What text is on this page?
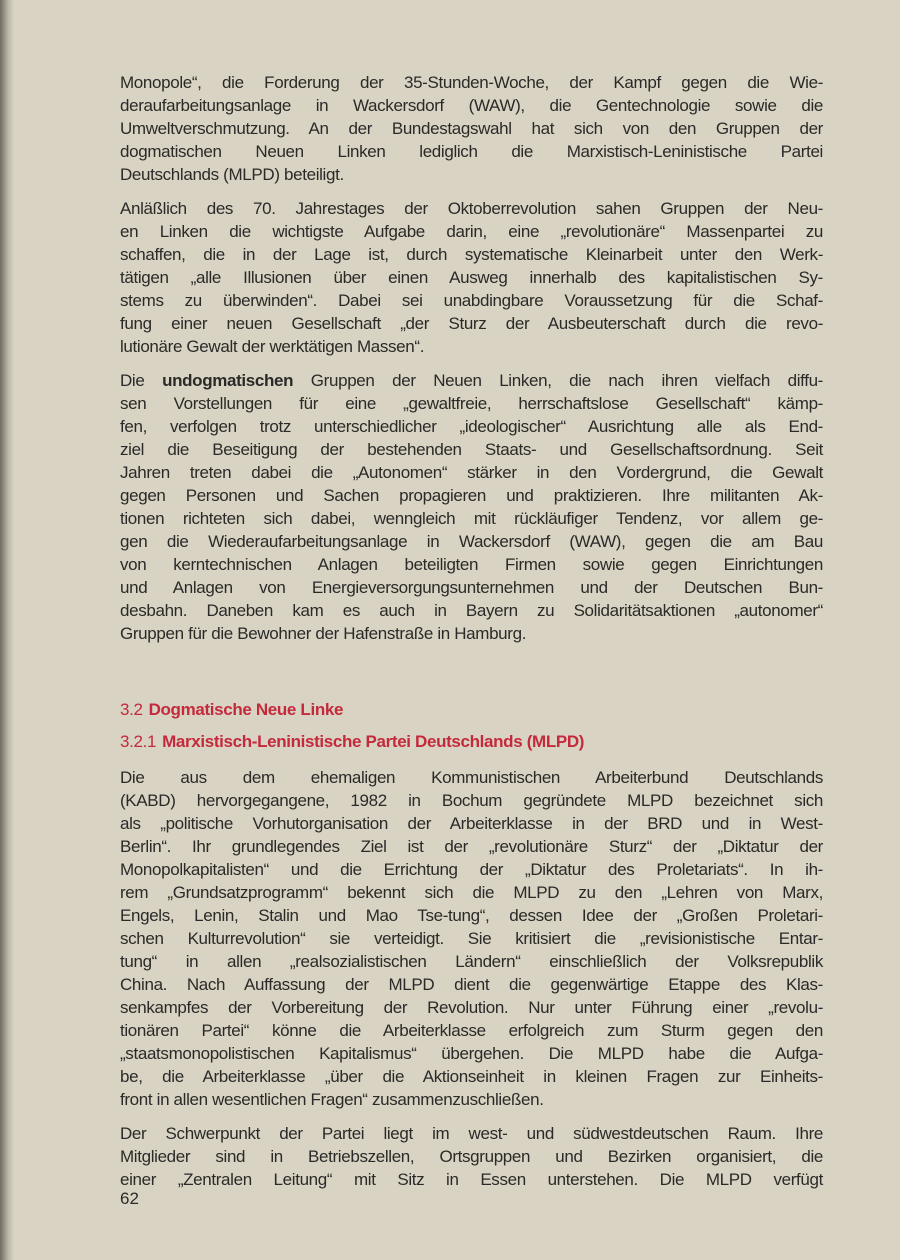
Monopole“, die Forderung der 35-Stunden-Woche, der Kampf gegen die Wie-
deraufarbeitungsanlage in Wackersdorf (WAW), die Gentechnologie sowie die
Umweltverschmutzung. An der Bundestagswahl hat sich von den Gruppen der
dogmatischen Neuen Linken lediglich die Marxistisch-Leninistische Partei
Deutschlands (MLPD) beteiligt.
Anläßlich des 70. Jahrestages der Oktoberrevolution sahen Gruppen der Neu-
en Linken die wichtigste Aufgabe darin, eine „revolutionäre“ Massenpartei zu
schaffen, die in der Lage ist, durch systematische Kleinarbeit unter den Werk-
tätigen „alle Illusionen über einen Ausweg innerhalb des kapitalistischen Sy-
stems zu überwinden“. Dabei sei unabdingbare Voraussetzung für die Schaf-
fung einer neuen Gesellschaft „der Sturz der Ausbeuterschaft durch die revo-
lutionäre Gewalt der werktätigen Massen“.
Die undogmatischen Gruppen der Neuen Linken, die nach ihren vielfach diffu-
sen Vorstellungen für eine „gewaltfreie, herrschaftslose Gesellschaft“ kämp-
fen, verfolgen trotz unterschiedlicher „ideologischer“ Ausrichtung alle als End-
ziel die Beseitigung der bestehenden Staats- und Gesellschaftsordnung. Seit
Jahren treten dabei die „Autonomen“ stärker in den Vordergrund, die Gewalt
gegen Personen und Sachen propagieren und praktizieren. Ihre militanten Ak-
tionen richteten sich dabei, wenngleich mit rückläufiger Tendenz, vor allem ge-
gen die Wiederaufarbeitungsanlage in Wackersdorf (WAW), gegen die am Bau
von kerntechnischen Anlagen beteiligten Firmen sowie gegen Einrichtungen
und Anlagen von Energieversorgungsunternehmen und der Deutschen Bun-
desbahn. Daneben kam es auch in Bayern zu Solidaritätsaktionen „autonomer“
Gruppen für die Bewohner der Hafenstraße in Hamburg.
3.2 Dogmatische Neue Linke
3.2.1 Marxistisch-Leninistische Partei Deutschlands (MLPD)
Die aus dem ehemaligen Kommunistischen Arbeiterbund Deutschlands
(KABD) hervorgegangene, 1982 in Bochum gegründete MLPD bezeichnet sich
als „politische Vorhutorganisation der Arbeiterklasse in der BRD und in West-
Berlin“. Ihr grundlegendes Ziel ist der „revolutionäre Sturz“ der „Diktatur der
Monopolkapitalisten“ und die Errichtung der „Diktatur des Proletariats“. In ih-
rem „Grundsatzprogramm“ bekennt sich die MLPD zu den „Lehren von Marx,
Engels, Lenin, Stalin und Mao Tse-tung“, dessen Idee der „Großen Proletari-
schen Kulturrevolution“ sie verteidigt. Sie kritisiert die „revisionistische Entar-
tung“ in allen „realsozialistischen Ländern“ einschließlich der Volksrepublik
China. Nach Auffassung der MLPD dient die gegenwärtige Etappe des Klas-
senkampfes der Vorbereitung der Revolution. Nur unter Führung einer „revolu-
tionären Partei“ könne die Arbeiterklasse erfolgreich zum Sturm gegen den
„staatsmonopolistischen Kapitalismus“ übergehen. Die MLPD habe die Aufga-
be, die Arbeiterklasse „über die Aktionseinheit in kleinen Fragen zur Einheits-
front in allen wesentlichen Fragen“ zusammenzuschließen.
Der Schwerpunkt der Partei liegt im west- und südwestdeutschen Raum. Ihre
Mitglieder sind in Betriebszellen, Ortsgruppen und Bezirken organisiert, die
einer „Zentralen Leitung“ mit Sitz in Essen unterstehen. Die MLPD verfügt
62
